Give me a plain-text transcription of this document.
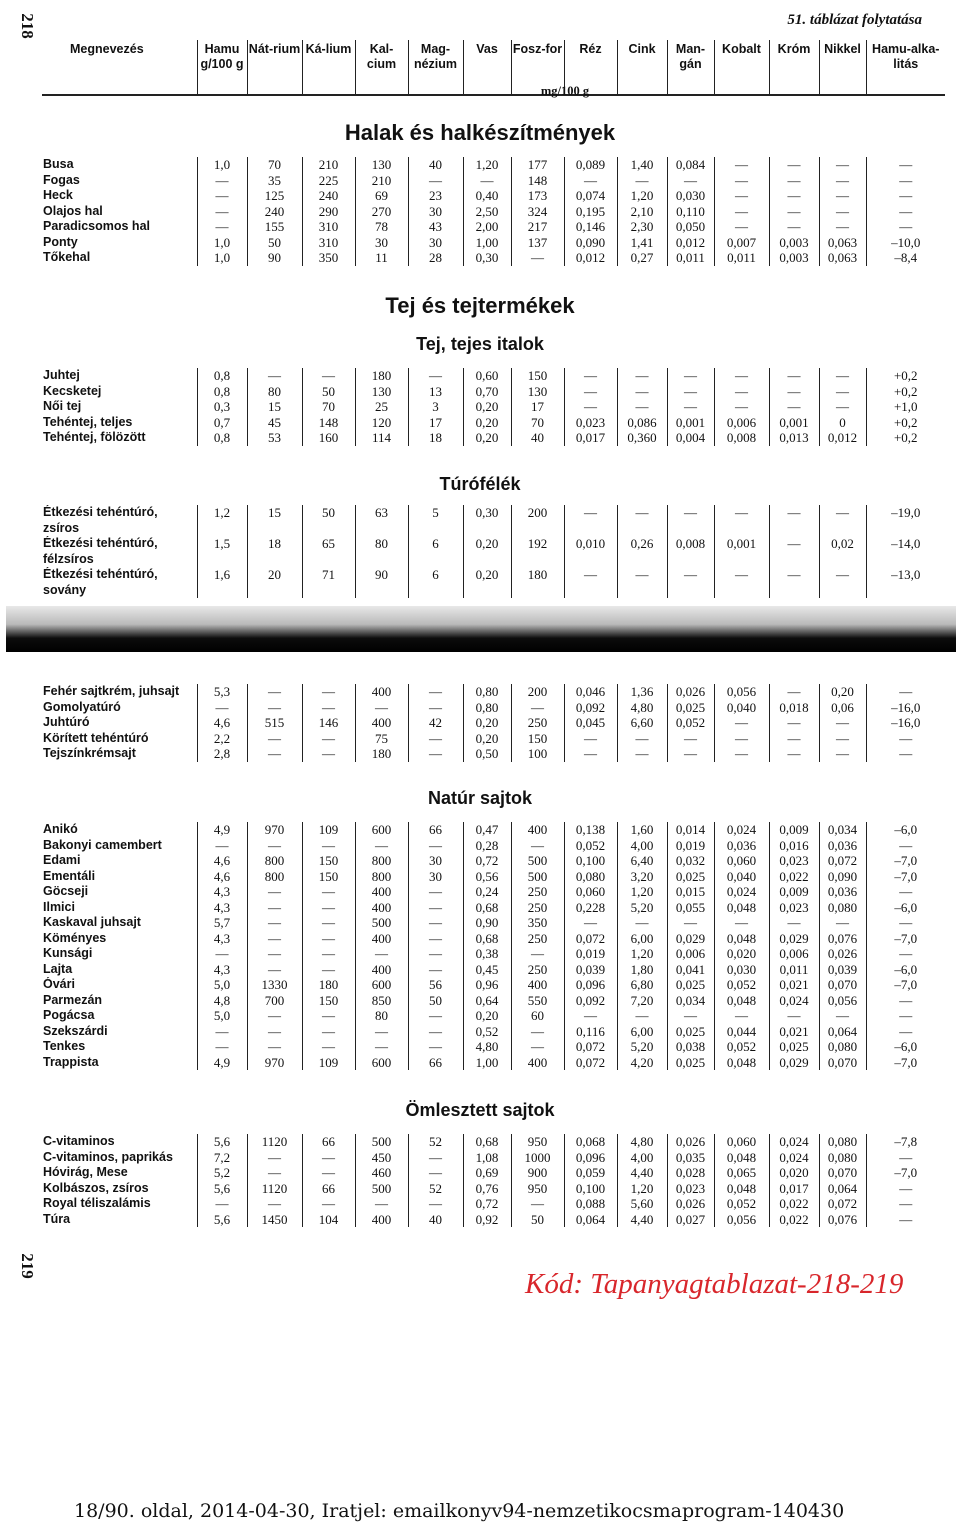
218
219
51. táblázat folytatása
Megnevezés	Hamu g/100 g	Nát-rium	Ká-lium	Kal-cium	Mag-nézium	Vas	Fosz-for	Réz	Cink	Man-gán	Kobalt	Króm	Nikkel	Hamu-alka-litás
mg/100 g
Halak és halkészítmények
Busa	1,0	70	210	130	40	1,20	177	0,089	1,40	0,084	—	—	—	—
Fogas	—	35	225	210	—	—	148	—	—	—	—	—	—	—
Heck	—	125	240	69	23	0,40	173	0,074	1,20	0,030	—	—	—	—
Olajos hal	—	240	290	270	30	2,50	324	0,195	2,10	0,110	—	—	—	—
Paradicsomos hal	—	155	310	78	43	2,00	217	0,146	2,30	0,050	—	—	—	—
Ponty	1,0	50	310	30	30	1,00	137	0,090	1,41	0,012	0,007	0,003	0,063	–10,0
Tőkehal	1,0	90	350	11	28	0,30	—	0,012	0,27	0,011	0,011	0,003	0,063	–8,4
Tej és tejtermékek
Tej, tejes italok
Juhtej	0,8	—	—	180	—	0,60	150	—	—	—	—	—	—	+0,2
Kecsketej	0,8	80	50	130	13	0,70	130	—	—	—	—	—	—	+0,2
Női tej	0,3	15	70	25	3	0,20	17	—	—	—	—	—	—	+1,0
Tehéntej, teljes	0,7	45	148	120	17	0,20	70	0,023	0,086	0,001	0,006	0,001	0	+0,2
Tehéntej, fölözött	0,8	53	160	114	18	0,20	40	0,017	0,360	0,004	0,008	0,013	0,012	+0,2
Túrófélék
Étkezési tehéntúró, zsíros	1,2	15	50	63	5	0,30	200	—	—	—	—	—	—	–19,0
Étkezési tehéntúró, félzsíros	1,5	18	65	80	6	0,20	192	0,010	0,26	0,008	0,001	—	0,02	–14,0
Étkezési tehéntúró, sovány	1,6	20	71	90	6	0,20	180	—	—	—	—	—	—	–13,0
Fehér sajtkrém, juhsajt	5,3	—	—	400	—	0,80	200	0,046	1,36	0,026	0,056	—	0,20	—
Gomolyatúró	—	—	—	—	—	0,80	—	0,092	4,80	0,025	0,040	0,018	0,06	–16,0
Juhtúró	4,6	515	146	400	42	0,20	250	0,045	6,60	0,052	—	—	—	–16,0
Körített tehéntúró	2,2	—	—	75	—	0,20	150	—	—	—	—	—	—	—
Tejszínkrémsajt	2,8	—	—	180	—	0,50	100	—	—	—	—	—	—	—
Natúr sajtok
Anikó	4,9	970	109	600	66	0,47	400	0,138	1,60	0,014	0,024	0,009	0,034	–6,0
Bakonyi camembert	—	—	—	—	—	0,28	—	0,052	4,00	0,019	0,036	0,016	0,036	—
Edami	4,6	800	150	800	30	0,72	500	0,100	6,40	0,032	0,060	0,023	0,072	–7,0
Ementáli	4,6	800	150	800	30	0,56	500	0,080	3,20	0,025	0,040	0,022	0,090	–7,0
Göcseji	4,3	—	—	400	—	0,24	250	0,060	1,20	0,015	0,024	0,009	0,036	—
Ilmici	4,3	—	—	400	—	0,68	250	0,228	5,20	0,055	0,048	0,023	0,080	–6,0
Kaskaval juhsajt	5,7	—	—	500	—	0,90	350	—	—	—	—	—	—	—
Köményes	4,3	—	—	400	—	0,68	250	0,072	6,00	0,029	0,048	0,029	0,076	–7,0
Kunsági	—	—	—	—	—	0,38	—	0,019	1,20	0,006	0,020	0,006	0,026	—
Lajta	4,3	—	—	400	—	0,45	250	0,039	1,80	0,041	0,030	0,011	0,039	–6,0
Óvári	5,0	1330	180	600	56	0,96	400	0,096	6,80	0,025	0,052	0,021	0,070	–7,0
Parmezán	4,8	700	150	850	50	0,64	550	0,092	7,20	0,034	0,048	0,024	0,056	—
Pogácsa	5,0	—	—	80	—	0,20	60	—	—	—	—	—	—	—
Szekszárdi	—	—	—	—	—	0,52	—	0,116	6,00	0,025	0,044	0,021	0,064	—
Tenkes	—	—	—	—	—	4,80	—	0,072	5,20	0,038	0,052	0,025	0,080	–6,0
Trappista	4,9	970	109	600	66	1,00	400	0,072	4,20	0,025	0,048	0,029	0,070	–7,0
Ömlesztett sajtok
C-vitaminos	5,6	1120	66	500	52	0,68	950	0,068	4,80	0,026	0,060	0,024	0,080	–7,8
C-vitaminos, paprikás	7,2	—	—	450	—	1,08	1000	0,096	4,00	0,035	0,048	0,024	0,080	—
Hóvirág, Mese	5,2	—	—	460	—	0,69	900	0,059	4,40	0,028	0,065	0,020	0,070	–7,0
Kolbászos, zsíros	5,6	1120	66	500	52	0,76	950	0,100	1,20	0,023	0,048	0,017	0,064	—
Royal téliszalámis	—	—	—	—	—	0,72	—	0,088	5,60	0,026	0,052	0,022	0,072	—
Túra	5,6	1450	104	400	40	0,92	50	0,064	4,40	0,027	0,056	0,022	0,076	—
Kód: Tapanyagtablazat-218-219
18/90. oldal, 2014-04-30, Iratjel: emailkonyv94-nemzetikocsmaprogram-140430
